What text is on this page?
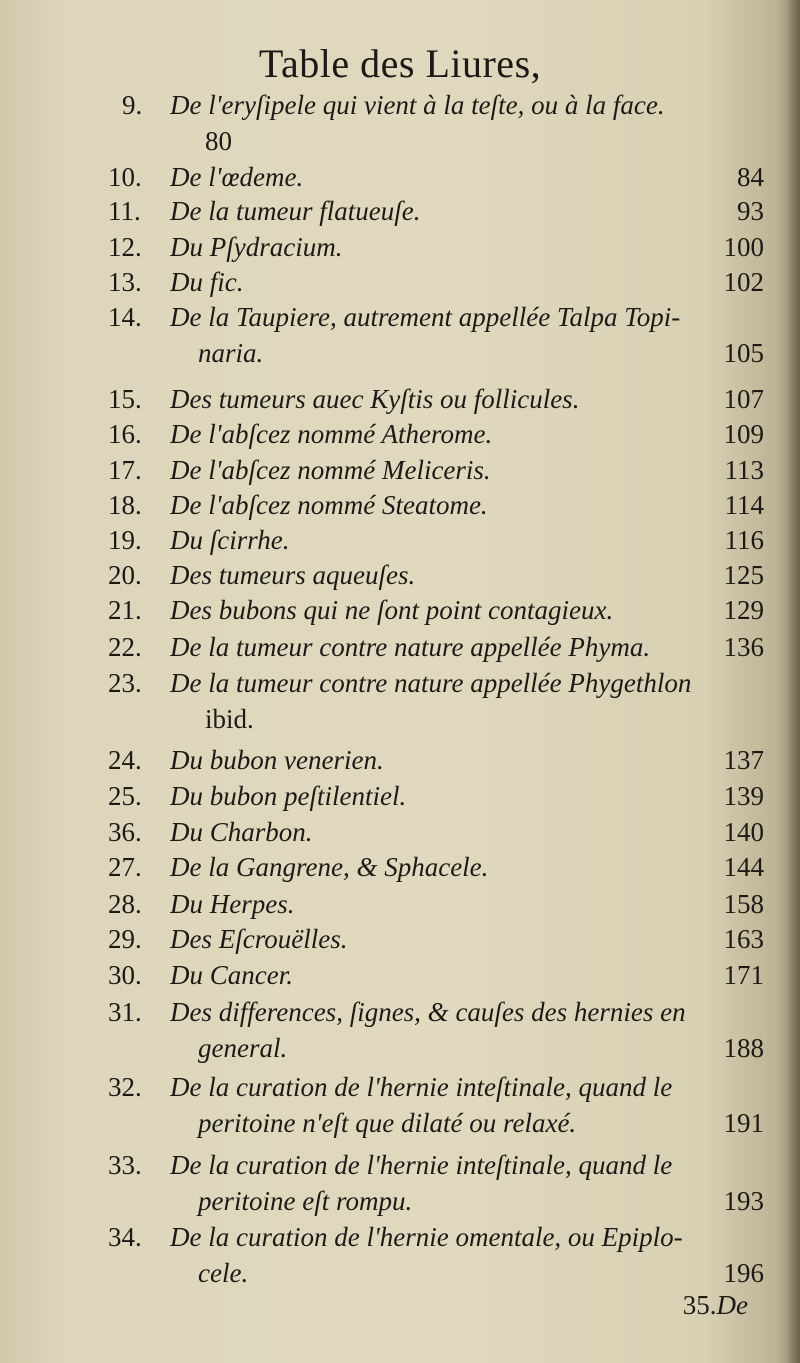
Table des Liures,
9. De l'eryſipele qui vient à la teſte, ou à la face.
80
10. De l'œdeme.	84
11. De la tumeur flatueuſe.	93
12. Du Pſydracium.	100
13. Du fic.	102
14. De la Taupiere, autrement appellée Talpa Topi-
naria.	105
15. Des tumeurs auec Kyſtis ou follicules.	107
16. De l'abſcez nommé Atherome.	109
17. De l'abſcez nommé Meliceris.	113
18. De l'abſcez nommé Steatome.	114
19. Du ſcirrhe.	116
20. Des tumeurs aqueuſes.	125
21. Des bubons qui ne ſont point contagieux.	129
22. De la tumeur contre nature appellée Phyma.	136
23. De la tumeur contre nature appellée Phygethlon
ibid.
24. Du bubon venerien.	137
25. Du bubon peſtilentiel.	139
36. Du Charbon.	140
27. De la Gangrene, & Sphacele.	144
28. Du Herpes.	158
29. Des Eſcrouëlles.	163
30. Du Cancer.	171
31. Des differences, ſignes, & cauſes des hernies en
general.	188
32. De la curation de l'hernie inteſtinale, quand le
peritoine n'eſt que dilaté ou relaxé.	191
33. De la curation de l'hernie inteſtinale, quand le
peritoine eſt rompu.	193
34. De la curation de l'hernie omentale, ou Epiplo-
cele.	196
35.De
